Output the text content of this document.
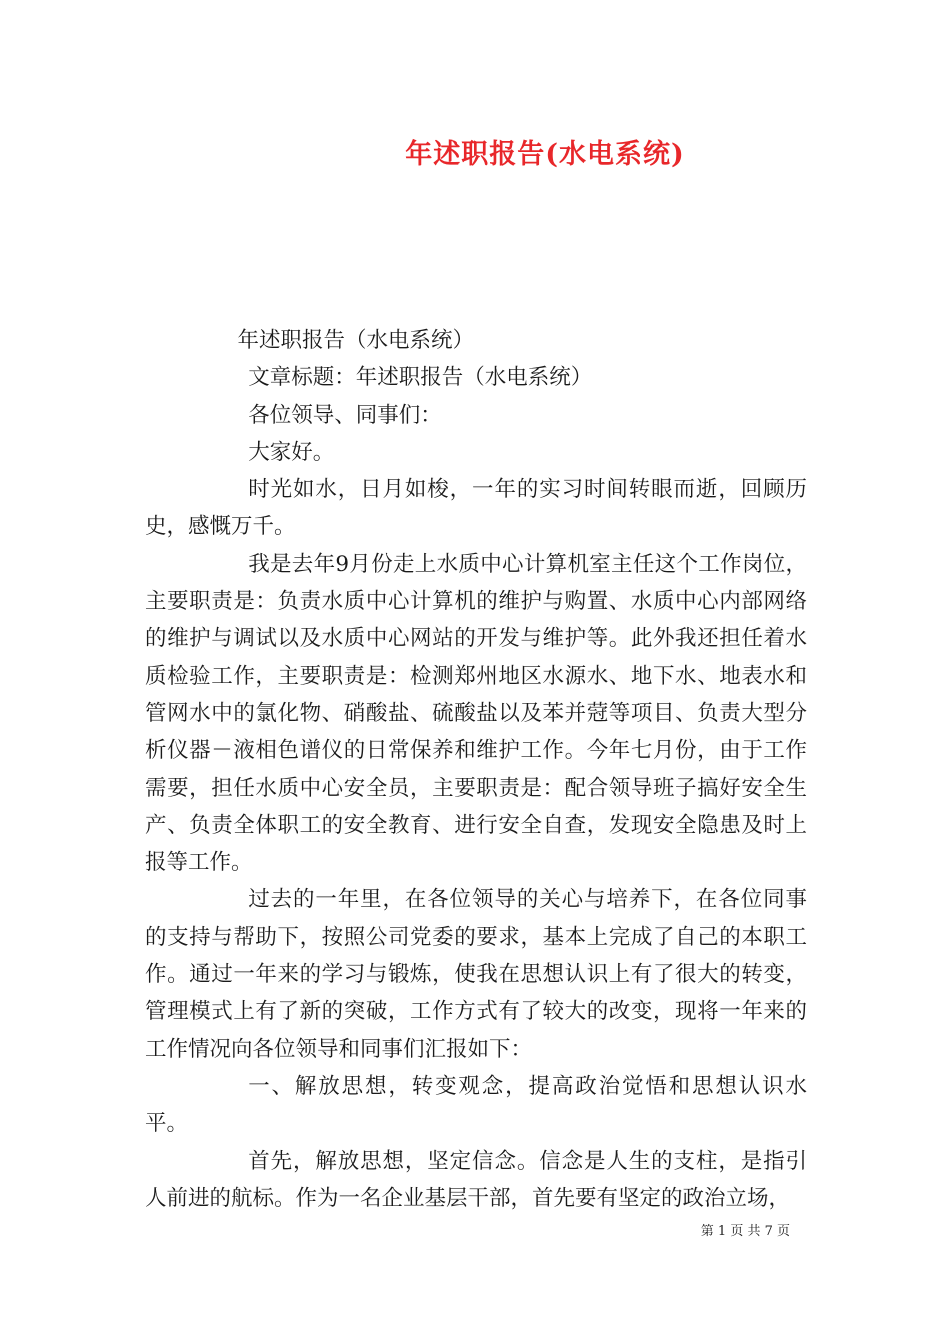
年述职报告(水电系统)

年述职报告（水电系统）

文章标题：年述职报告（水电系统）

各位领导、同事们：

大家好。

时光如水，日月如梭，一年的实习时间转眼而逝，回顾历史，感慨万千。

我是去年9月份走上水质中心计算机室主任这个工作岗位，主要职责是：负责水质中心计算机的维护与购置、水质中心内部网络的维护与调试以及水质中心网站的开发与维护等。此外我还担任着水质检验工作，主要职责是：检测郑州地区水源水、地下水、地表水和管网水中的氯化物、硝酸盐、硫酸盐以及苯并蒄等项目、负责大型分析仪器－液相色谱仪的日常保养和维护工作。今年七月份，由于工作需要，担任水质中心安全员，主要职责是：配合领导班子搞好安全生产、负责全体职工的安全教育、进行安全自查，发现安全隐患及时上报等工作。

过去的一年里，在各位领导的关心与培养下，在各位同事的支持与帮助下，按照公司党委的要求，基本上完成了自己的本职工作。通过一年来的学习与锻炼，使我在思想认识上有了很大的转变，管理模式上有了新的突破，工作方式有了较大的改变，现将一年来的工作情况向各位领导和同事们汇报如下：

一、解放思想，转变观念，提高政治觉悟和思想认识水平。

首先，解放思想，坚定信念。信念是人生的支柱，是指引人前进的航标。作为一名企业基层干部，首先要有坚定的政治立场，

第 1 页 共 7 页
